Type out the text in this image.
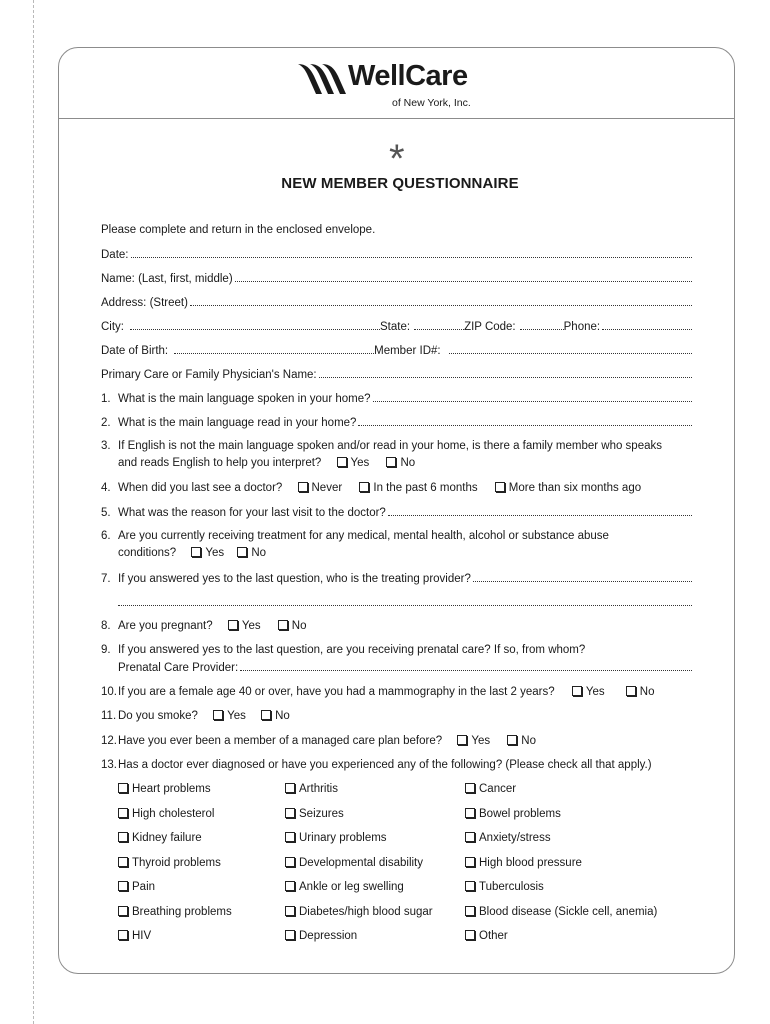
WellCare
of New York, Inc.
*
NEW MEMBER QUESTIONNAIRE
Please complete and return in the enclosed envelope.
Date:
Name: (Last, first, middle)
Address: (Street)
City:	State:	ZIP Code:	Phone:
Date of Birth:	Member ID#:
Primary Care or Family Physician's Name:
1. What is the main language spoken in your home?
2. What is the main language read in your home?
3. If English is not the main language spoken and/or read in your home, is there a family member who speaks
and reads English to help you interpret?	Yes	No
4. When did you last see a doctor?	Never	In the past 6 months	More than six months ago
5. What was the reason for your last visit to the doctor?
6. Are you currently receiving treatment for any medical, mental health, alcohol or substance abuse
conditions?	Yes No
7. If you answered yes to the last question, who is the treating provider?
8. Are you pregnant?	Yes	No
9. If you answered yes to the last question, are you receiving prenatal care? If so, from whom?
Prenatal Care Provider:
10.If you are a female age 40 or over, have you had a mammography in the last 2 years?	Yes	No
11. Do you smoke?	Yes	No
12.Have you ever been a member of a managed care plan before?	Yes	No
13.Has a doctor ever diagnosed or have you experienced any of the following? (Please check all that apply.)
Heart problems	Arthritis	Cancer
High cholesterol	Seizures	Bowel problems
Kidney failure	Urinary problems	Anxiety/stress
Thyroid problems	Developmental disability	High blood pressure
Pain	Ankle or leg swelling	Tuberculosis
Breathing problems	Diabetes/high blood sugar	Blood disease (Sickle cell, anemia)
HIV	Depression	Other
